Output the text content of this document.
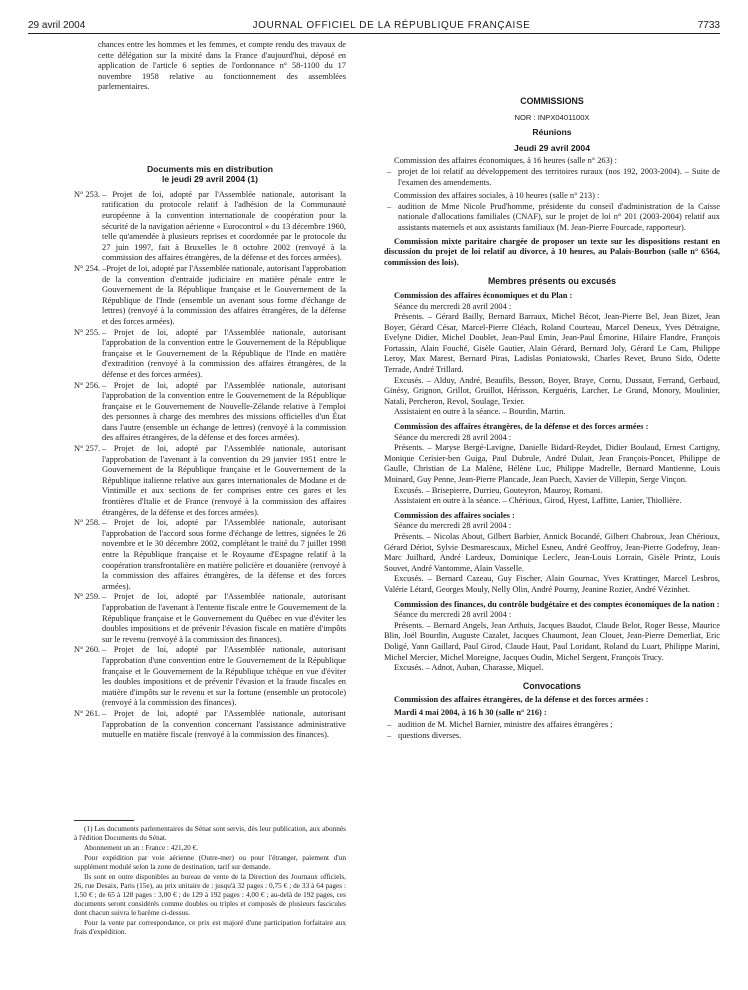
29 avril 2004	JOURNAL OFFICIEL DE LA RÉPUBLIQUE FRANÇAISE	7733
chances entre les hommes et les femmes, et compte rendu des travaux de cette délégation sur la mixité dans la France d'aujourd'hui, déposé en application de l'article 6 septies de l'ordonnance n° 58-1100 du 17 novembre 1958 relative au fonctionnement des assemblées parlementaires.
Documents mis en distribution
le jeudi 29 avril 2004 (1)
N° 253. – Projet de loi, adopté par l'Assemblée nationale, autorisant la ratification du protocole relatif à l'adhésion de la Communauté européenne à la convention internationale de coopération pour la sécurité de la navigation aérienne « Eurocontrol » du 13 décembre 1960, telle qu'amendée à plusieurs reprises et coordonnée par le protocole du 27 juin 1997, fait à Bruxelles le 8 octobre 2002 (renvoyé à la commission des affaires étrangères, de la défense et des forces armées).
N° 254. –Projet de loi, adopté par l'Assemblée nationale, autorisant l'approbation de la convention d'entraide judiciaire en matière pénale entre le Gouvernement de la République française et le Gouvernement de la République de l'Inde (ensemble un avenant sous forme d'échange de lettres) (renvoyé à la commission des affaires étrangères, de la défense et des forces armées).
N° 255. – Projet de loi, adopté par l'Assemblée nationale, autorisant l'approbation de la convention entre le Gouvernement de la République française et le Gouvernement de la République de l'Inde en matière d'extradition (renvoyé à la commission des affaires étrangères, de la défense et des forces armées).
N° 256. – Projet de loi, adopté par l'Assemblée nationale, autorisant l'approbation de la convention entre le Gouvernement de la République française et le Gouvernement de Nouvelle-Zélande relative à l'emploi des personnes à charge des membres des missions officielles d'un État dans l'autre (ensemble un échange de lettres) (renvoyé à la commission des affaires étrangères, de la défense et des forces armées).
N° 257. – Projet de loi, adopté par l'Assemblée nationale, autorisant l'approbation de l'avenant à la convention du 29 janvier 1951 entre le Gouvernement de la République française et le Gouvernement de la République italienne relative aux gares internationales de Modane et de Vintimille et aux sections de fer comprises entre ces gares et les frontières d'Italie et de France (renvoyé à la commission des affaires étrangères, de la défense et des forces armées).
N° 258. – Projet de loi, adopté par l'Assemblée nationale, autorisant l'approbation de l'accord sous forme d'échange de lettres, signées le 26 novembre et le 30 décembre 2002, complétant le traité du 7 juillet 1998 entre la République française et le Royaume d'Espagne relatif à la coopération transfrontalière en matière policière et douanière (renvoyé à la commission des affaires étrangères, de la défense et des forces armées).
N° 259. – Projet de loi, adopté par l'Assemblée nationale, autorisant l'approbation de l'avenant à l'entente fiscale entre le Gouvernement de la République française et le Gouvernement du Québec en vue d'éviter les doubles impositions et de prévenir l'évasion fiscale en matière d'impôts sur le revenu (renvoyé à la commission des finances).
N° 260. – Projet de loi, adopté par l'Assemblée nationale, autorisant l'approbation d'une convention entre le Gouvernement de la République française et le Gouvernement de la République tchèque en vue d'éviter les doubles impositions et de prévenir l'évasion et la fraude fiscales en matière d'impôts sur le revenu et sur la fortune (ensemble un protocole) (renvoyé à la commission des finances).
N° 261. – Projet de loi, adopté par l'Assemblée nationale, autorisant l'approbation de la convention concernant l'assistance administrative mutuelle en matière fiscale (renvoyé à la commission des finances).

(1) Les documents parlementaires du Sénat sont servis, dès leur publication, aux abonnés à l'édition Documents du Sénat.

Abonnement un an : France : 421,20 €.

Pour expédition par voie aérienne (Outre-mer) ou pour l'étranger, paiement d'un supplément modulé selon la zone de destination, tarif sur demande.

Ils sont en outre disponibles au bureau de vente de la Direction des Journaux officiels, 26, rue Desaix, Paris (15e), au prix unitaire de : jusqu'à 32 pages : 0,75 € ; de 33 à 64 pages : 1,50 € ; de 65 à 128 pages : 3,00 € ; de 129 à 192 pages : 4,00 € ; au-delà de 192 pages, ces documents seront considérés comme doubles ou triples et composés de plusieurs fascicules dont chacun suivra le barème ci-dessus.

Pour la vente par correspondance, ce prix est majoré d'une participation forfaitaire aux frais d'expédition.

COMMISSIONS

NOR : INPX0401100X

Réunions

Jeudi 29 avril 2004

Commission des affaires économiques, à 16 heures (salle n° 263) :

– projet de loi relatif au développement des territoires ruraux (nos 192, 2003-2004). – Suite de l'examen des amendements.

Commission des affaires sociales, à 10 heures (salle n° 213) :

– audition de Mme Nicole Prud'homme, présidente du conseil d'administration de la Caisse nationale d'allocations familiales (CNAF), sur le projet de loi n° 201 (2003-2004) relatif aux assistants maternels et aux assistants familiaux (M. Jean-Pierre Fourcade, rapporteur).

Commission mixte paritaire chargée de proposer un texte sur les dispositions restant en discussion du projet de loi relatif au divorce, à 10 heures, au Palais-Bourbon (salle n° 6564, commission des lois).

Membres présents ou excusés

Commission des affaires économiques et du Plan :

Séance du mercredi 28 avril 2004 :

Présents. – Gérard Bailly, Bernard Barraux, Michel Bécot, Jean-Pierre Bel, Jean Bizet, Jean Boyer, Gérard César, Marcel-Pierre Cléach, Roland Courteau, Marcel Deneux, Yves Détraigne, Evelyne Didier, Michel Doublet, Jean-Paul Emin, Jean-Paul Émorine, Hilaire Flandre, François Fortassin, Alain Fouché, Gisèle Gautier, Alain Gérard, Bernard Joly, Gérard Le Cam, Philippe Leroy, Max Marest, Bernard Piras, Ladislas Poniatowski, Charles Revet, Bruno Sido, Odette Terrade, André Trillard.

Excusés. – Alduy, André, Beaufils, Besson, Boyer, Braye, Cornu, Dussaut, Ferrand, Gerbaud, Ginésy, Grignon, Grillot, Gruillot, Hérisson, Kerguéris, Larcher, Le Grand, Monory, Moulinier, Natali, Percheron, Revol, Soulage, Texier.

Assistaient en outre à la séance. – Bourdin, Martin.

Commission des affaires étrangères, de la défense et des forces armées :

Séance du mercredi 28 avril 2004 :

Présents. – Maryse Bergé-Lavigne, Danielle Bidard-Reydet, Didier Boulaud, Ernest Cartigny, Monique Cerisier-ben Guiga, Paul Dubrule, André Dulait, Jean François-Poncet, Philippe de Gaulle, Christian de La Malène, Hélène Luc, Philippe Madrelle, Bernard Mantienne, Louis Moinard, Guy Penne, Jean-Pierre Plancade, Jean Puech, Xavier de Villepin, Serge Vinçon.

Excusés. – Brisepierre, Durrieu, Gouteyron, Mauroy, Romani.

Assistaient en outre à la séance. – Chérioux, Girod, Hyest, Laffitte, Lanier, Thiollière.

Commission des affaires sociales :

Séance du mercredi 28 avril 2004 :

Présents. – Nicolas About, Gilbert Barbier, Annick Bocandé, Gilbert Chabroux, Jean Chérioux, Gérard Dériot, Sylvie Desmarescaux, Michel Esneu, André Geoffroy, Jean-Pierre Godefroy, Jean-Marc Juilhard, André Lardeux, Dominique Leclerc, Jean-Louis Lorrain, Gisèle Printz, Louis Souvet, André Vantomme, Alain Vasselle.

Excusés. – Bernard Cazeau, Guy Fischer, Alain Gournac, Yves Krattinger, Marcel Lesbros, Valérie Létard, Georges Mouly, Nelly Olin, André Pourny, Jeanine Rozier, André Vézinhet.

Commission des finances, du contrôle budgétaire et des comptes économiques de la nation :

Séance du mercredi 28 avril 2004 :

Présents. – Bernard Angels, Jean Arthuis, Jacques Baudot, Claude Belot, Roger Besse, Maurice Blin, Joël Bourdin, Auguste Cazalet, Jacques Chaumont, Jean Clouet, Jean-Pierre Demerliat, Eric Doligé, Yann Gaillard, Paul Girod, Claude Haut, Paul Loridant, Roland du Luart, Philippe Marini, Michel Mercier, Michel Moreigne, Jacques Oudin, Michel Sergent, François Trucy.

Excusés. – Adnot, Auban, Charasse, Miquel.

Convocations

Commission des affaires étrangères, de la défense et des forces armées :

Mardi 4 mai 2004, à 16 h 30 (salle n° 216) :

– audition de M. Michel Barnier, ministre des affaires étrangères ;

– questions diverses.
